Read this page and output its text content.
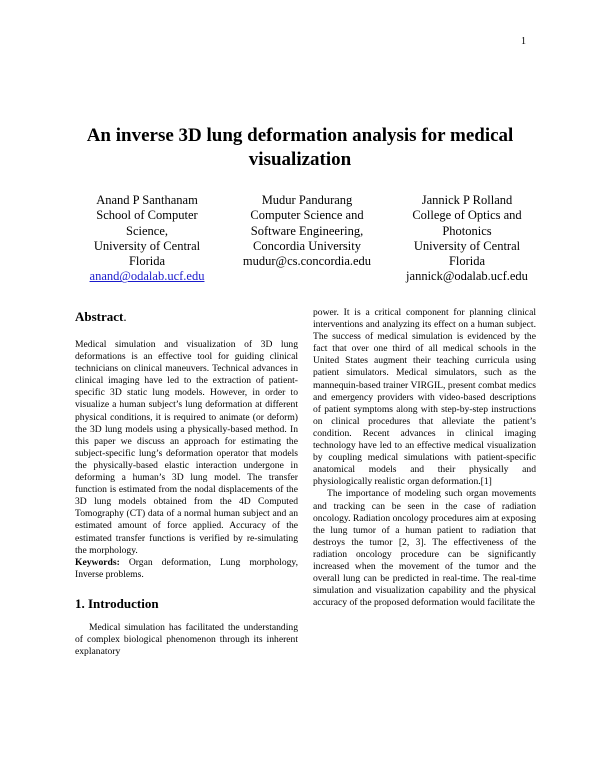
1
An inverse 3D lung deformation analysis for medical visualization
Anand P Santhanam
School of Computer
Science,
University of Central
Florida
anand@odalab.ucf.edu
Mudur Pandurang
Computer Science and
Software Engineering,
Concordia University
mudur@cs.concordia.edu
Jannick P Rolland
College of Optics and
Photonics
University of Central
Florida
jannick@odalab.ucf.edu
Abstract.

Medical simulation and visualization of 3D lung deformations is an effective tool for guiding clinical technicians on clinical maneuvers. Technical advances in clinical imaging have led to the extraction of patient-specific 3D static lung models. However, in order to visualize a human subject’s lung deformation at different physical conditions, it is required to animate (or deform) the 3D lung models using a physically-based method. In this paper we discuss an approach for estimating the subject-specific lung’s deformation operator that models the physically-based elastic interaction undergone in deforming a human’s 3D lung model. The transfer function is estimated from the nodal displacements of the 3D lung models obtained from the 4D Computed Tomography (CT) data of a normal human subject and an estimated amount of force applied. Accuracy of the estimated transfer functions is verified by re-simulating the morphology.

Keywords: Organ deformation, Lung morphology, Inverse problems.

1. Introduction

Medical simulation has facilitated the understanding of complex biological phenomenon through its inherent explanatory

power. It is a critical component for planning clinical interventions and analyzing its effect on a human subject. The success of medical simulation is evidenced by the fact that over one third of all medical schools in the United States augment their teaching curricula using patient simulators. Medical simulators, such as the mannequin-based trainer VIRGIL, present combat medics and emergency providers with video-based descriptions of patient symptoms along with step-by-step instructions on clinical procedures that alleviate the patient’s condition. Recent advances in clinical imaging technology have led to an effective medical visualization by coupling medical simulations with patient-specific anatomical models and their physically and physiologically realistic organ deformation.[1]

The importance of modeling such organ movements and tracking can be seen in the case of radiation oncology. Radiation oncology procedures aim at exposing the lung tumor of a human patient to radiation that destroys the tumor [2, 3]. The effectiveness of the radiation oncology procedure can be significantly increased when the movement of the tumor and the overall lung can be predicted in real-time. The real-time simulation and visualization capability and the physical accuracy of the proposed deformation would facilitate the
